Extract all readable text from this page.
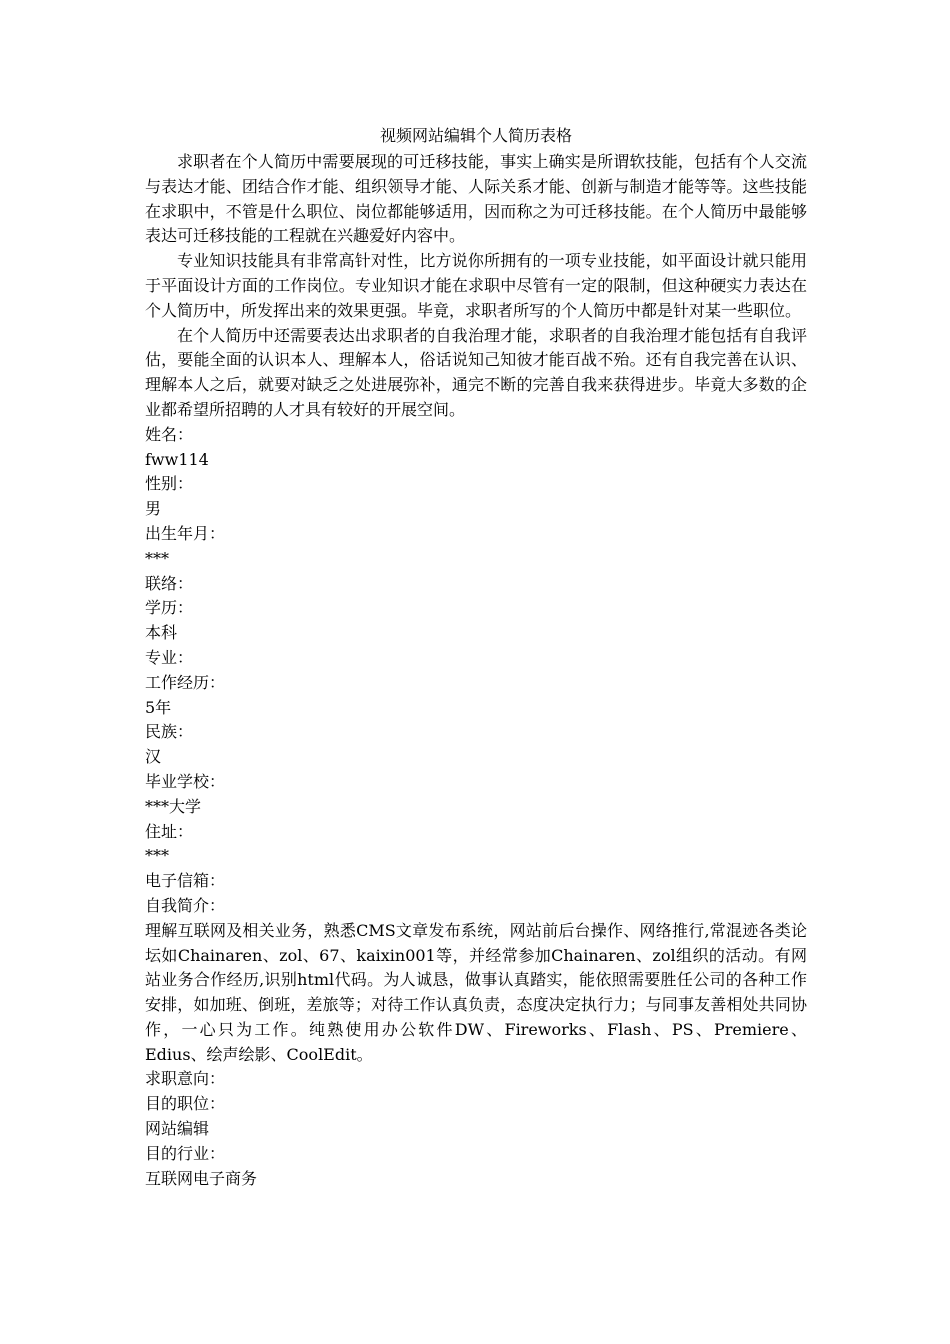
视频网站编辑个人简历表格

求职者在个人简历中需要展现的可迁移技能，事实上确实是所谓软技能，包括有个人交流与表达才能、团结合作才能、组织领导才能、人际关系才能、创新与制造才能等等。这些技能在求职中，不管是什么职位、岗位都能够适用，因而称之为可迁移技能。在个人简历中最能够表达可迁移技能的工程就在兴趣爱好内容中。

专业知识技能具有非常高针对性，比方说你所拥有的一项专业技能，如平面设计就只能用于平面设计方面的工作岗位。专业知识才能在求职中尽管有一定的限制，但这种硬实力表达在个人简历中，所发挥出来的效果更强。毕竟，求职者所写的个人简历中都是针对某一些职位。

在个人简历中还需要表达出求职者的自我治理才能，求职者的自我治理才能包括有自我评估，要能全面的认识本人、理解本人，俗话说知己知彼才能百战不殆。还有自我完善在认识、理解本人之后，就要对缺乏之处进展弥补，通完不断的完善自我来获得进步。毕竟大多数的企业都希望所招聘的人才具有较好的开展空间。

姓名：

fww114

性别：

男

出生年月：

***

联络：

学历：

本科

专业：

工作经历：

5年

民族：

汉

毕业学校：

***大学

住址：

***

电子信箱：

自我简介：

理解互联网及相关业务，熟悉CMS文章发布系统，网站前后台操作、网络推行,常混迹各类论坛如Chainaren、zol、67、kaixin001等，并经常参加Chainaren、zol组织的活动。有网站业务合作经历,识别html代码。为人诚恳，做事认真踏实，能依照需要胜任公司的各种工作安排，如加班、倒班，差旅等；对待工作认真负责，态度决定执行力；与同事友善相处共同协作，一心只为工作。纯熟使用办公软件DW、Fireworks、Flash、PS、Premiere、Edius、绘声绘影、CoolEdit。

求职意向：

目的职位：

网站编辑

目的行业：

互联网电子商务
